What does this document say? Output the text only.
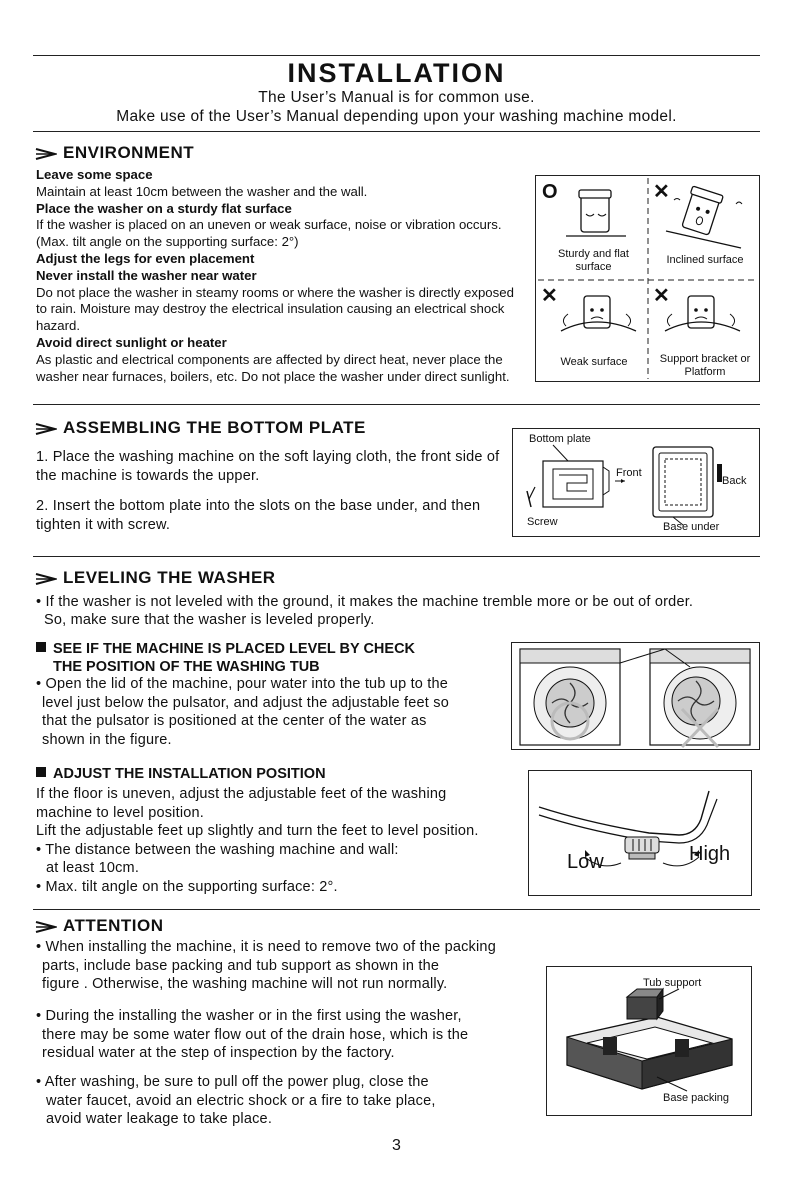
INSTALLATION
The User’s Manual is for common use.
Make use of the User’s Manual depending upon your washing machine model.
ENVIRONMENT

Leave some space

Maintain at least 10cm between the washer and the wall.

Place the washer on a sturdy flat surface

If the washer is placed on an uneven or weak surface, noise or vibration occurs. (Max. tilt angle on the supporting surface: 2°)

Adjust the legs for even placement

Never install the washer near water

Do not place the washer in steamy rooms or where the washer is directly exposed to rain. Moisture may destroy the electrical insulation causing an electrical shock hazard.

Avoid direct sunlight or heater

As plastic and electrical components are affected by direct heat, never place the washer near furnaces, boilers, etc. Do not place the washer under direct sunlight.

O	✕
✕	✕
Sturdy and flat surface
Inclined surface
Weak surface	Support bracket or Platform
ASSEMBLING THE BOTTOM PLATE
1. Place the washing machine on the soft laying cloth, the front side of the machine is towards the upper.
2. Insert the bottom plate into the slots on the base under, and then tighten it with screw.
Bottom plate
Front
Back
Screw	Base under
LEVELING THE WASHER
• If the washer is not leveled with the ground, it makes the machine tremble more or be out of order.
So, make sure that the washer is leveled properly.
SEE IF THE MACHINE IS PLACED LEVEL BY CHECK
THE POSITION OF THE WASHING TUB
• Open the lid of the machine, pour water into the tub up to the
level just below the pulsator, and adjust the adjustable feet so
that the pulsator is positioned at the center of the water as
shown in the figure.
ADJUST THE INSTALLATION POSITION
If the floor is uneven, adjust the adjustable feet of the washing
machine to level position.
Lift the adjustable feet up slightly and turn the feet to level position.
• The distance between the washing machine and wall:
at least 10cm.
• Max. tilt angle on the supporting surface: 2°.
Low	High
ATTENTION
• When installing the machine, it is need to remove two of the packing
parts, include base packing and tub support as shown in the
figure . Otherwise, the washing machine will not run normally.
• During the installing the washer or in the first using the washer,
there may be some water flow out of the drain hose, which is the
residual water at the step of inspection by the factory.
• After washing, be sure to pull off the power plug, close the
water faucet, avoid an electric shock or a fire to take place,
avoid water leakage to take place.
Tub support
Base packing
3
